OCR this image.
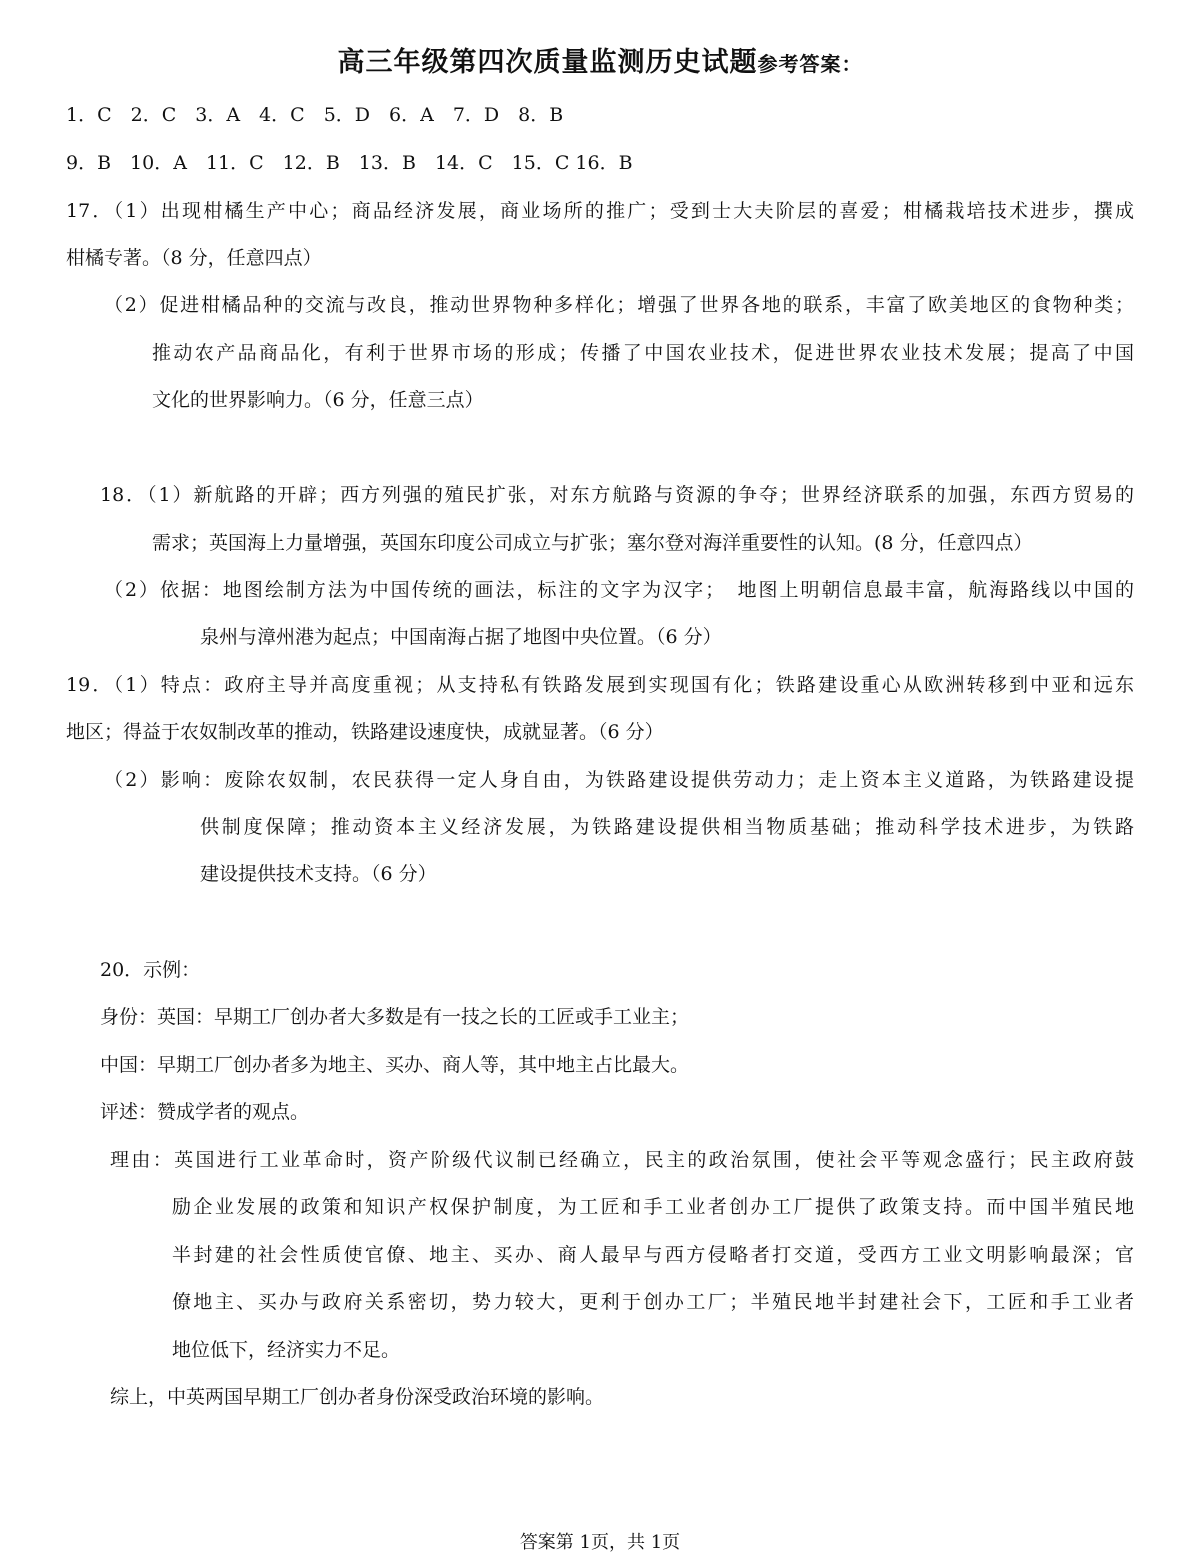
高三年级第四次质量监测历史试题参考答案：
1．C　2．C　3．A　4．C　5．D　6．A　7．D　8．B
9．B　10．A　11．C　12．B　13．B　14．C　15．C 16．B
17．（1）出现柑橘生产中心；商品经济发展，商业场所的推广；受到士大夫阶层的喜爱；柑橘栽培技术进步，撰成
柑橘专著。（8 分，任意四点）
（2）促进柑橘品种的交流与改良，推动世界物种多样化；增强了世界各地的联系，丰富了欧美地区的食物种类；
推动农产品商品化，有利于世界市场的形成；传播了中国农业技术，促进世界农业技术发展；提高了中国
文化的世界影响力。（6 分，任意三点）
18．（1）新航路的开辟；西方列强的殖民扩张，对东方航路与资源的争夺；世界经济联系的加强，东西方贸易的
需求；英国海上力量增强，英国东印度公司成立与扩张；塞尔登对海洋重要性的认知。(8 分，任意四点）
（2）依据：地图绘制方法为中国传统的画法，标注的文字为汉字；　地图上明朝信息最丰富，航海路线以中国的
泉州与漳州港为起点；中国南海占据了地图中央位置。（6 分）
19．（1）特点：政府主导并高度重视；从支持私有铁路发展到实现国有化；铁路建设重心从欧洲转移到中亚和远东
地区；得益于农奴制改革的推动，铁路建设速度快，成就显著。（6 分）
（2）影响：废除农奴制，农民获得一定人身自由，为铁路建设提供劳动力；走上资本主义道路，为铁路建设提
供制度保障；推动资本主义经济发展，为铁路建设提供相当物质基础；推动科学技术进步，为铁路
建设提供技术支持。（6 分）
20．示例：
身份：英国：早期工厂创办者大多数是有一技之长的工匠或手工业主；
中国：早期工厂创办者多为地主、买办、商人等，其中地主占比最大。
评述：赞成学者的观点。
理由：英国进行工业革命时，资产阶级代议制已经确立，民主的政治氛围，使社会平等观念盛行；民主政府鼓
励企业发展的政策和知识产权保护制度，为工匠和手工业者创办工厂提供了政策支持。而中国半殖民地
半封建的社会性质使官僚、地主、买办、商人最早与西方侵略者打交道，受西方工业文明影响最深；官
僚地主、买办与政府关系密切，势力较大，更利于创办工厂；半殖民地半封建社会下，工匠和手工业者
地位低下，经济实力不足。
综上，中英两国早期工厂创办者身份深受政治环境的影响。
答案第 1页，共 1页
